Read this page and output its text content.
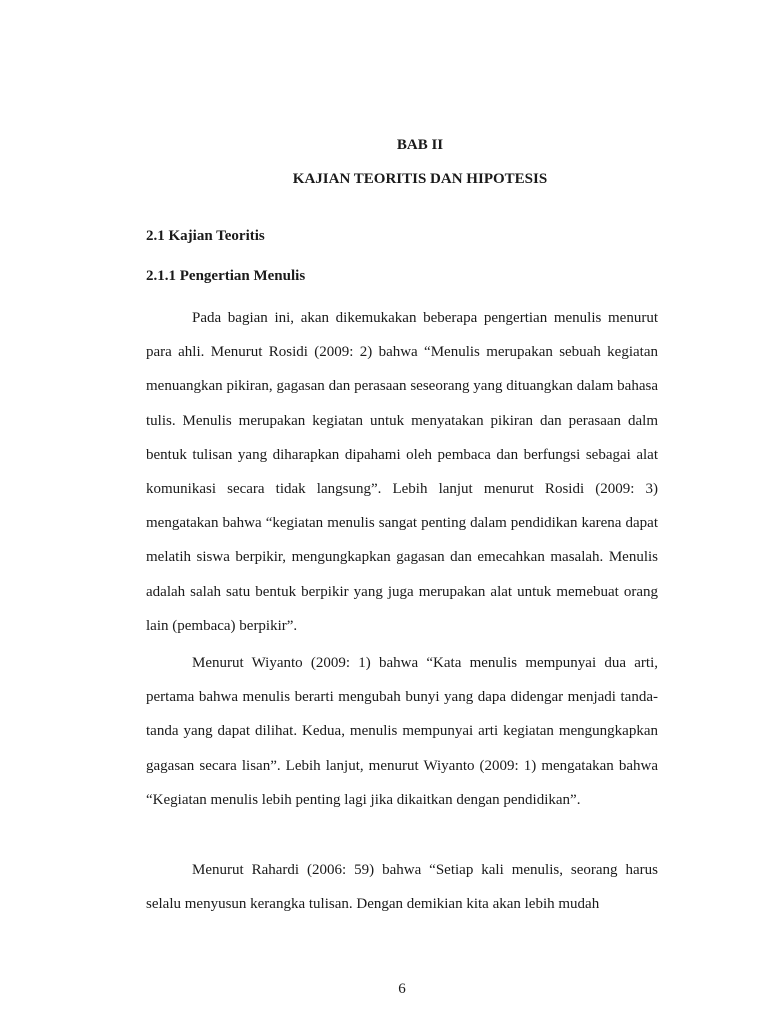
BAB II

KAJIAN TEORITIS DAN HIPOTESIS

2.1 Kajian Teoritis

2.1.1 Pengertian Menulis

Pada bagian ini, akan dikemukakan beberapa pengertian menulis menurut para ahli. Menurut Rosidi (2009: 2) bahwa “Menulis merupakan sebuah kegiatan menuangkan pikiran, gagasan dan perasaan seseorang yang dituangkan dalam bahasa tulis. Menulis merupakan kegiatan untuk menyatakan pikiran dan perasaan dalm bentuk tulisan yang diharapkan dipahami oleh pembaca dan berfungsi sebagai alat komunikasi secara tidak langsung”. Lebih lanjut menurut Rosidi (2009: 3) mengatakan bahwa “kegiatan menulis sangat penting dalam pendidikan karena dapat melatih siswa berpikir, mengungkapkan gagasan dan emecahkan masalah. Menulis adalah salah satu bentuk berpikir yang juga merupakan alat untuk memebuat orang lain (pembaca) berpikir”.

Menurut Wiyanto (2009: 1) bahwa “Kata menulis mempunyai dua arti, pertama bahwa menulis berarti mengubah bunyi yang dapa didengar menjadi tanda-tanda yang dapat dilihat. Kedua, menulis mempunyai arti kegiatan mengungkapkan gagasan secara lisan”. Lebih lanjut, menurut Wiyanto (2009: 1) mengatakan bahwa “Kegiatan menulis lebih penting lagi jika dikaitkan dengan pendidikan”.

Menurut Rahardi (2006: 59) bahwa “Setiap kali menulis, seorang harus selalu menyusun kerangka tulisan. Dengan demikian kita akan lebih mudah

6
